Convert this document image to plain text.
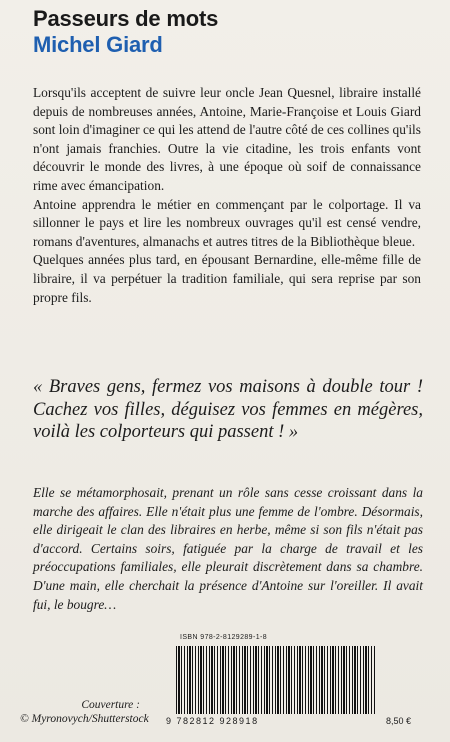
Passeurs de mots
Michel Giard

Lorsqu'ils acceptent de suivre leur oncle Jean Quesnel, libraire installé depuis de nombreuses années, Antoine, Marie-Françoise et Louis Giard sont loin d'imaginer ce qui les attend de l'autre côté de ces collines qu'ils n'ont jamais franchies. Outre la vie citadine, les trois enfants vont découvrir le monde des livres, à une époque où soif de connaissance rime avec émancipation.

Antoine apprendra le métier en commençant par le colportage. Il va sillonner le pays et lire les nombreux ouvrages qu'il est censé vendre, romans d'aventures, almanachs et autres titres de la Bibliothèque bleue.

Quelques années plus tard, en épousant Bernardine, elle-même fille de libraire, il va perpétuer la tradition familiale, qui sera reprise par son propre fils.

« Braves gens, fermez vos maisons à double tour ! Cachez vos filles, déguisez vos femmes en mégères, voilà les colporteurs qui passent ! »
Elle se métamorphosait, prenant un rôle sans cesse croissant dans la marche des affaires. Elle n'était plus une femme de l'ombre. Désormais, elle dirigeait le clan des libraires en herbe, même si son fils n'était pas d'accord. Certains soirs, fatiguée par la charge de travail et les préoccupations familiales, elle pleurait discrètement dans sa chambre. D'une main, elle cherchait la présence d'Antoine sur l'oreiller. Il avait fui, le bougre…
ISBN 978-2-8129289-1-8
9 782812 928918	8,50 €
Couverture :
© Myronovych/Shutterstock
